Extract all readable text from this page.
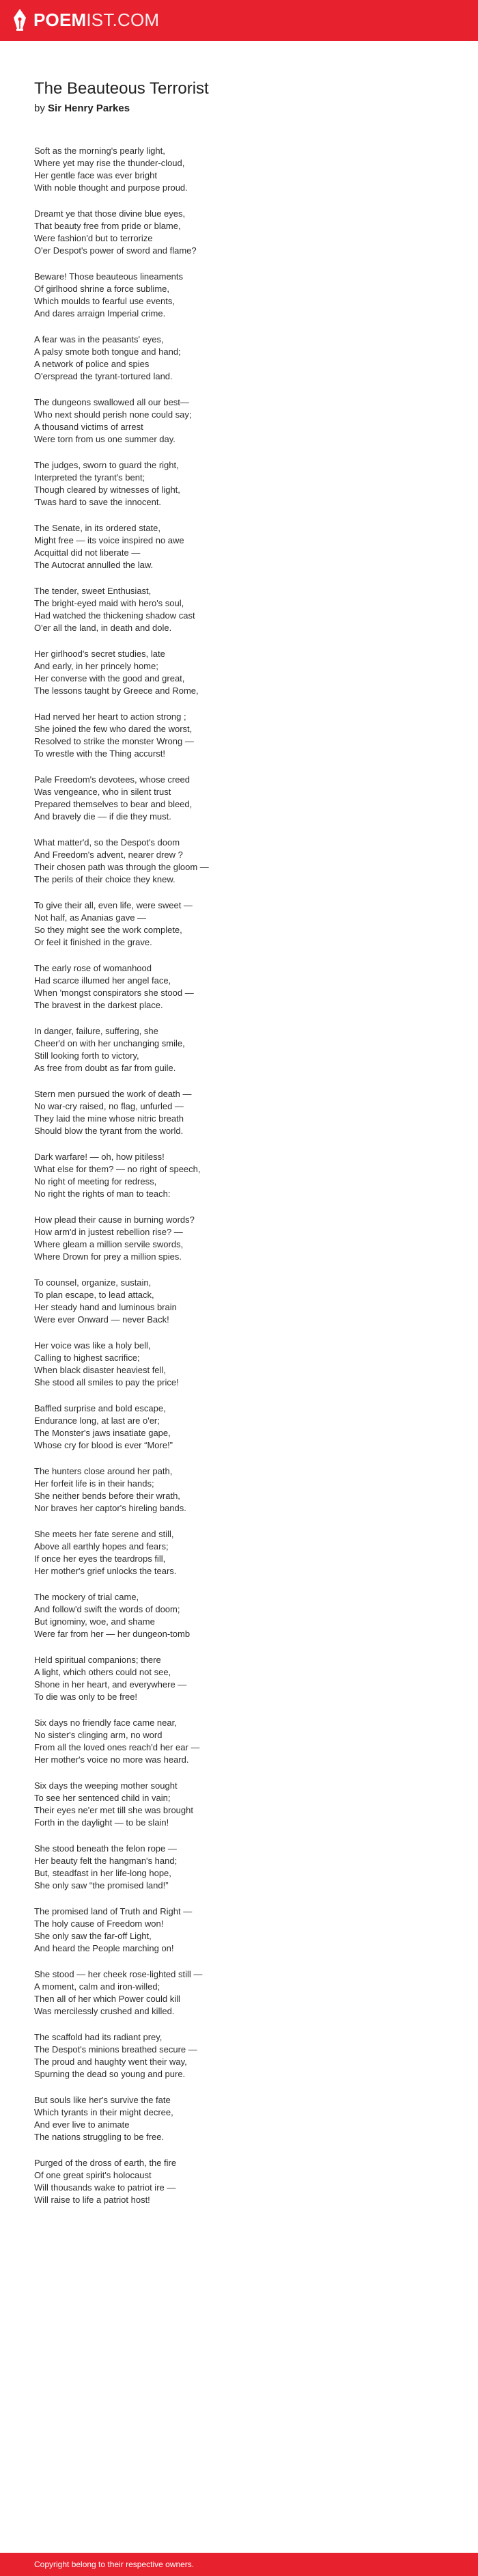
POEMIST.COM
The Beauteous Terrorist

by Sir Henry Parkes

Soft as the morning's pearly light,
Where yet may rise the thunder-cloud,
Her gentle face was ever bright
With noble thought and purpose proud.

Dreamt ye that those divine blue eyes,
That beauty free from pride or blame,
Were fashion'd but to terrorize
O'er Despot's power of sword and flame?

Beware! Those beauteous lineaments
Of girlhood shrine a force sublime,
Which moulds to fearful use events,
And dares arraign Imperial crime.

A fear was in the peasants' eyes,
A palsy smote both tongue and hand;
A network of police and spies
O'erspread the tyrant-tortured land.

The dungeons swallowed all our best—
Who next should perish none could say;
A thousand victims of arrest
Were torn from us one summer day.

The judges, sworn to guard the right,
Interpreted the tyrant's bent;
Though cleared by witnesses of light,
'Twas hard to save the innocent.

The Senate, in its ordered state,
Might free — its voice inspired no awe
Acquittal did not liberate —
The Autocrat annulled the law.

The tender, sweet Enthusiast,
The bright-eyed maid with hero's soul,
Had watched the thickening shadow cast
O'er all the land, in death and dole.

Her girlhood's secret studies, late
And early, in her princely home;
Her converse with the good and great,
The lessons taught by Greece and Rome,

Had nerved her heart to action strong ;
She joined the few who dared the worst,
Resolved to strike the monster Wrong —
To wrestle with the Thing accurst!

Pale Freedom's devotees, whose creed
Was vengeance, who in silent trust
Prepared themselves to bear and bleed,
And bravely die — if die they must.

What matter'd, so the Despot's doom
And Freedom's advent, nearer drew ?
Their chosen path was through the gloom —
The perils of their choice they knew.

To give their all, even life, were sweet —
Not half, as Ananias gave —
So they might see the work complete,
Or feel it finished in the grave.

The early rose of womanhood
Had scarce illumed her angel face,
When 'mongst conspirators she stood —
The bravest in the darkest place.

In danger, failure, suffering, she
Cheer'd on with her unchanging smile,
Still looking forth to victory,
As free from doubt as far from guile.

Stern men pursued the work of death —
No war-cry raised, no flag, unfurled —
They laid the mine whose nitric breath
Should blow the tyrant from the world.

Dark warfare! — oh, how pitiless!
What else for them? — no right of speech,
No right of meeting for redress,
No right the rights of man to teach:

How plead their cause in burning words?
How arm'd in justest rebellion rise? —
Where gleam a million servile swords,
Where Drown for prey a million spies.

To counsel, organize, sustain,
To plan escape, to lead attack,
Her steady hand and luminous brain
Were ever Onward — never Back!

Her voice was like a holy bell,
Calling to highest sacrifice;
When black disaster heaviest fell,
She stood all smiles to pay the price!

Baffled surprise and bold escape,
Endurance long, at last are o'er;
The Monster's jaws insatiate gape,
Whose cry for blood is ever “More!”

The hunters close around her path,
Her forfeit life is in their hands;
She neither bends before their wrath,
Nor braves her captor's hireling bands.

She meets her fate serene and still,
Above all earthly hopes and fears;
If once her eyes the teardrops fill,
Her mother's grief unlocks the tears.

The mockery of trial came,
And follow'd swift the words of doom;
But ignominy, woe, and shame
Were far from her — her dungeon-tomb

Held spiritual companions; there
A light, which others could not see,
Shone in her heart, and everywhere —
To die was only to be free!

Six days no friendly face came near,
No sister's clinging arm, no word
From all the loved ones reach'd her ear —
Her mother's voice no more was heard.

Six days the weeping mother sought
To see her sentenced child in vain;
Their eyes ne'er met till she was brought
Forth in the daylight — to be slain!

She stood beneath the felon rope —
Her beauty felt the hangman's hand;
But, steadfast in her life-long hope,
She only saw “the promised land!”

The promised land of Truth and Right —
The holy cause of Freedom won!
She only saw the far-off Light,
And heard the People marching on!

She stood — her cheek rose-lighted still —
A moment, calm and iron-willed;
Then all of her which Power could kill
Was mercilessly crushed and killed.

The scaffold had its radiant prey,
The Despot's minions breathed secure —
The proud and haughty went their way,
Spurning the dead so young and pure.

But souls like her's survive the fate
Which tyrants in their might decree,
And ever live to animate
The nations struggling to be free.

Purged of the dross of earth, the fire
Of one great spirit's holocaust
Will thousands wake to patriot ire —
Will raise to life a patriot host!

Copyright belong to their respective owners.
